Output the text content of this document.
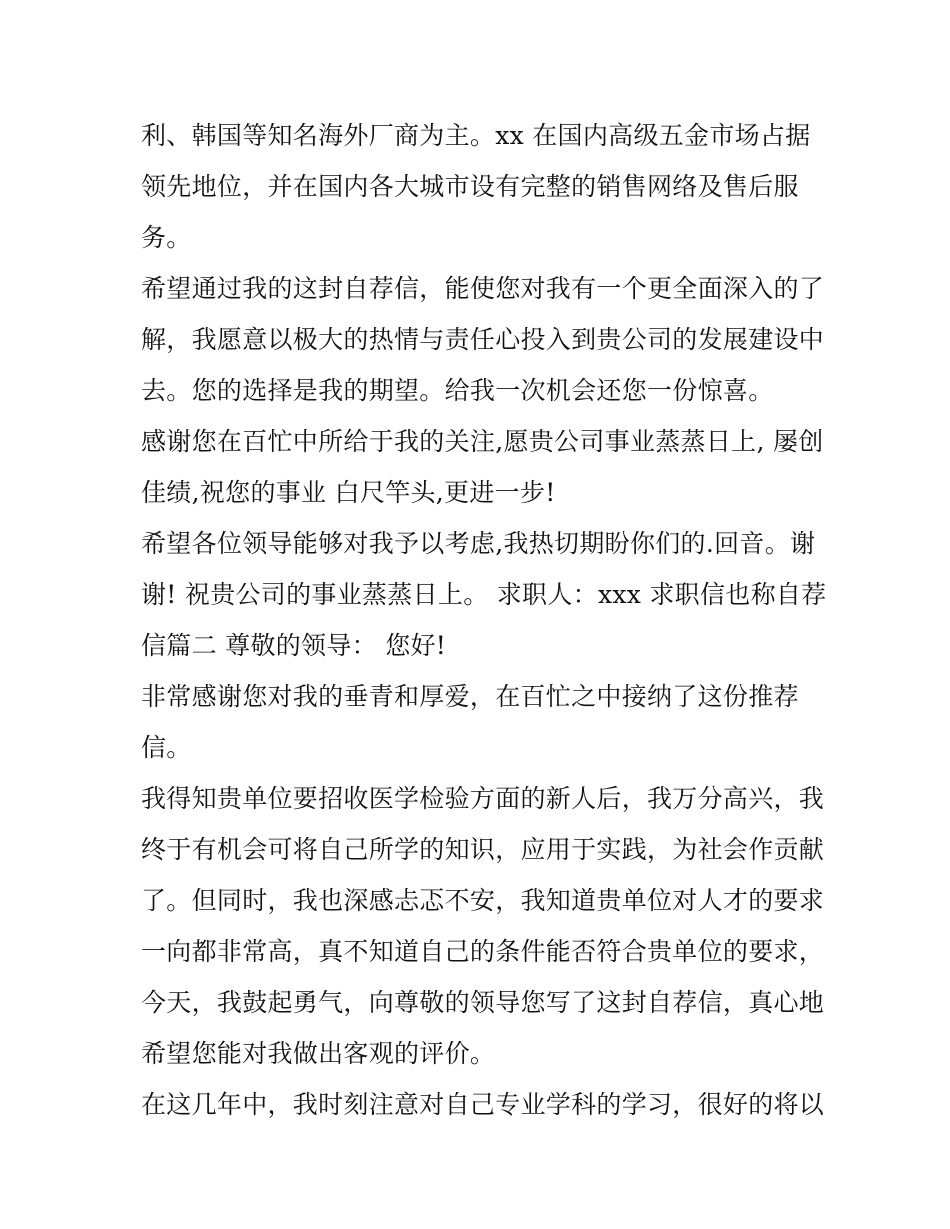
利、韩国等知名海外厂商为主。xx 在国内高级五金市场占据
领先地位，并在国内各大城市设有完整的销售网络及售后服
务。

希望通过我的这封自荐信，能使您对我有一个更全面深入的了
解，我愿意以极大的热情与责任心投入到贵公司的发展建设中
去。您的选择是我的期望。给我一次机会还您一份惊喜。

感谢您在百忙中所给于我的关注,愿贵公司事业蒸蒸日上, 屡创
佳绩,祝您的事业 白尺竿头,更进一步!

希望各位领导能够对我予以考虑,我热切期盼你们的.回音。谢
谢! 祝贵公司的事业蒸蒸日上。 求职人：xxx 求职信也称自荐
信篇二 尊敬的领导： 您好!

非常感谢您对我的垂青和厚爱，在百忙之中接纳了这份推荐
信。

我得知贵单位要招收医学检验方面的新人后，我万分高兴，我
终于有机会可将自己所学的知识，应用于实践，为社会作贡献
了。但同时，我也深感忐忑不安，我知道贵单位对人才的要求
一向都非常高，真不知道自己的条件能否符合贵单位的要求，
今天，我鼓起勇气，向尊敬的领导您写了这封自荐信，真心地
希望您能对我做出客观的评价。

在这几年中，我时刻注意对自己专业学科的学习，很好的将以
